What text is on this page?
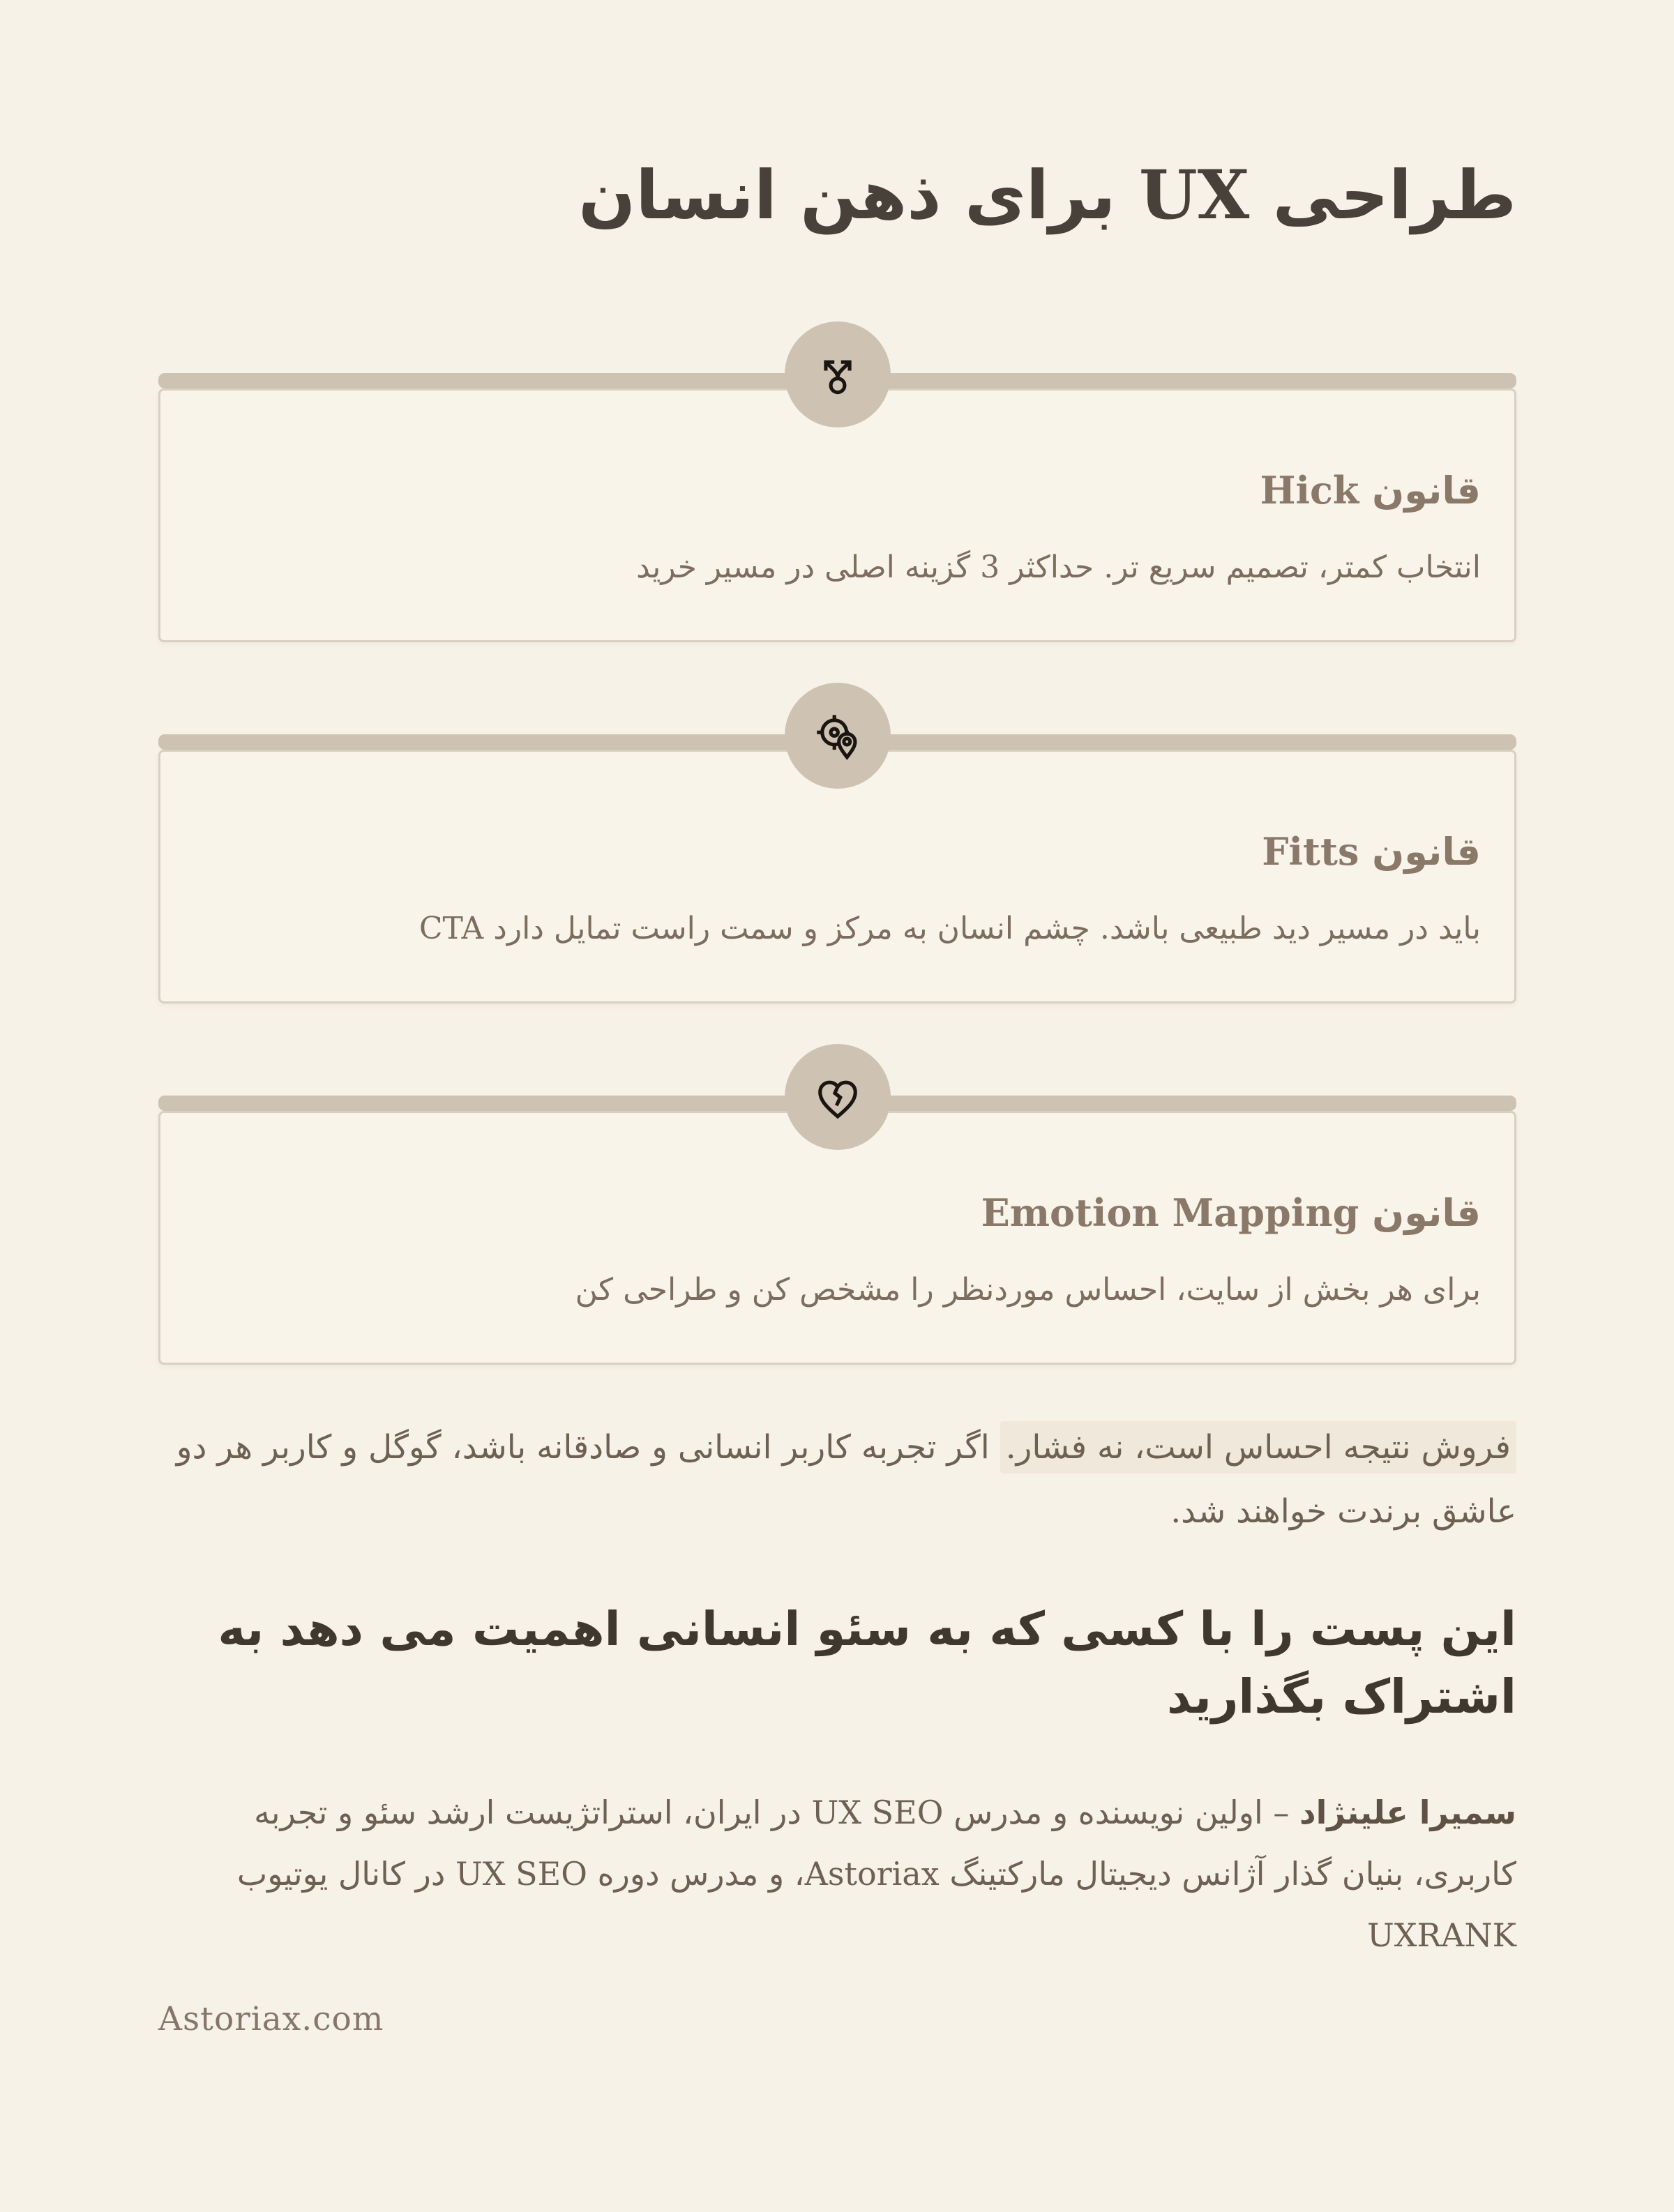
طراحی UX برای ذهن انسان
قانون Hick

انتخاب کمتر، تصمیم سریع تر. حداکثر 3 گزینه اصلی در مسیر خرید

قانون Fitts

باید در مسیر دید طبیعی باشد. چشم انسان به مرکز و سمت راست تمایل دارد CTA

قانون Emotion Mapping

برای هر بخش از سایت، احساس موردنظر را مشخص کن و طراحی کن

فروش نتیجه احساس است، نه فشار. اگر تجربه کاربر انسانی و صادقانه باشد، گوگل و کاربر هر دو عاشق برندت خواهند شد.

این پست را با کسی که به سئو انسانی اهمیت می دهد به اشتراک بگذارید

سمیرا علینژاد – اولین نویسنده و مدرس UX SEO در ایران، استراتژیست ارشد سئو و تجربه کاربری، بنیان گذار آژانس دیجیتال مارکتینگ Astoriax، و مدرس دوره UX SEO در کانال یوتیوب UXRANK

Astoriax.com
